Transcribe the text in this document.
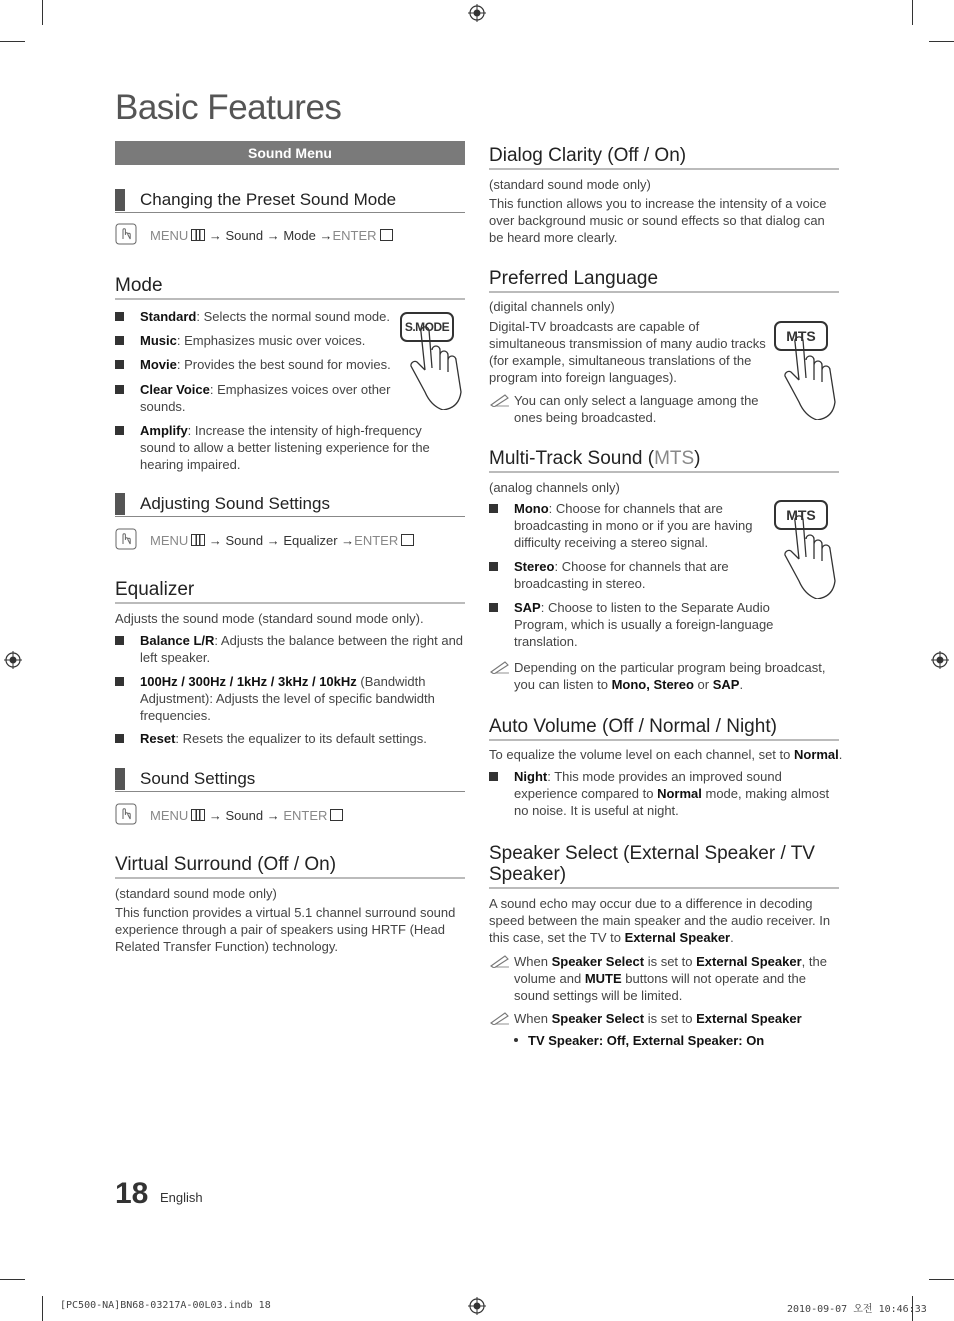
Basic Features
Sound Menu
Changing the Preset Sound Mode
MENU → Sound → Mode →ENTER
Mode
Standard: Selects the normal sound mode.
Music: Emphasizes music over voices.
Movie: Provides the best sound for movies.
Clear Voice: Emphasizes voices over other sounds.
Amplify: Increase the intensity of high-frequency sound to allow a better listening experience for the hearing impaired.
S.MODE
Adjusting Sound Settings
MENU → Sound → Equalizer →ENTER
Equalizer
Adjusts the sound mode (standard sound mode only).
Balance L/R: Adjusts the balance between the right and left speaker.
100Hz / 300Hz / 1kHz / 3kHz / 10kHz (Bandwidth Adjustment): Adjusts the level of specific bandwidth frequencies.
Reset: Resets the equalizer to its default settings.
Sound Settings
MENU → Sound → ENTER
Virtual Surround (Off / On)
(standard sound mode only)
This function provides a virtual 5.1 channel surround sound experience through a pair of speakers using HRTF (Head Related Transfer Function) technology.
Dialog Clarity (Off / On)
(standard sound mode only)
This function allows you to increase the intensity of a voice over background music or sound effects so that dialog can be heard more clearly.
Preferred Language
(digital channels only)
Digital-TV broadcasts are capable of simultaneous transmission of many audio tracks (for example, simultaneous translations of the program into foreign languages).
You can only select a language among the ones being broadcasted.
MTS
Multi-Track Sound (MTS)
(analog channels only)
Mono: Choose for channels that are broadcasting in mono or if you are having difficulty receiving a stereo signal.
Stereo: Choose for channels that are broadcasting in stereo.
SAP: Choose to listen to the Separate Audio Program, which is usually a foreign-language translation.
MTS
Depending on the particular program being broadcast, you can listen to Mono, Stereo or SAP.
Auto Volume (Off / Normal / Night)
To equalize the volume level on each channel, set to Normal.
Night: This mode provides an improved sound experience compared to Normal mode, making almost no noise. It is useful at night.
Speaker Select (External Speaker / TV Speaker)
A sound echo may occur due to a difference in decoding speed between the main speaker and the audio receiver. In this case, set the TV to External Speaker.
When Speaker Select is set to External Speaker, the volume and MUTE buttons will not operate and the sound settings will be limited.
When Speaker Select is set to External Speaker
TV Speaker: Off, External Speaker: On
18 English
[PC500-NA]BN68-03217A-00L03.indb 18	2010-09-07 오전 10:46:33
